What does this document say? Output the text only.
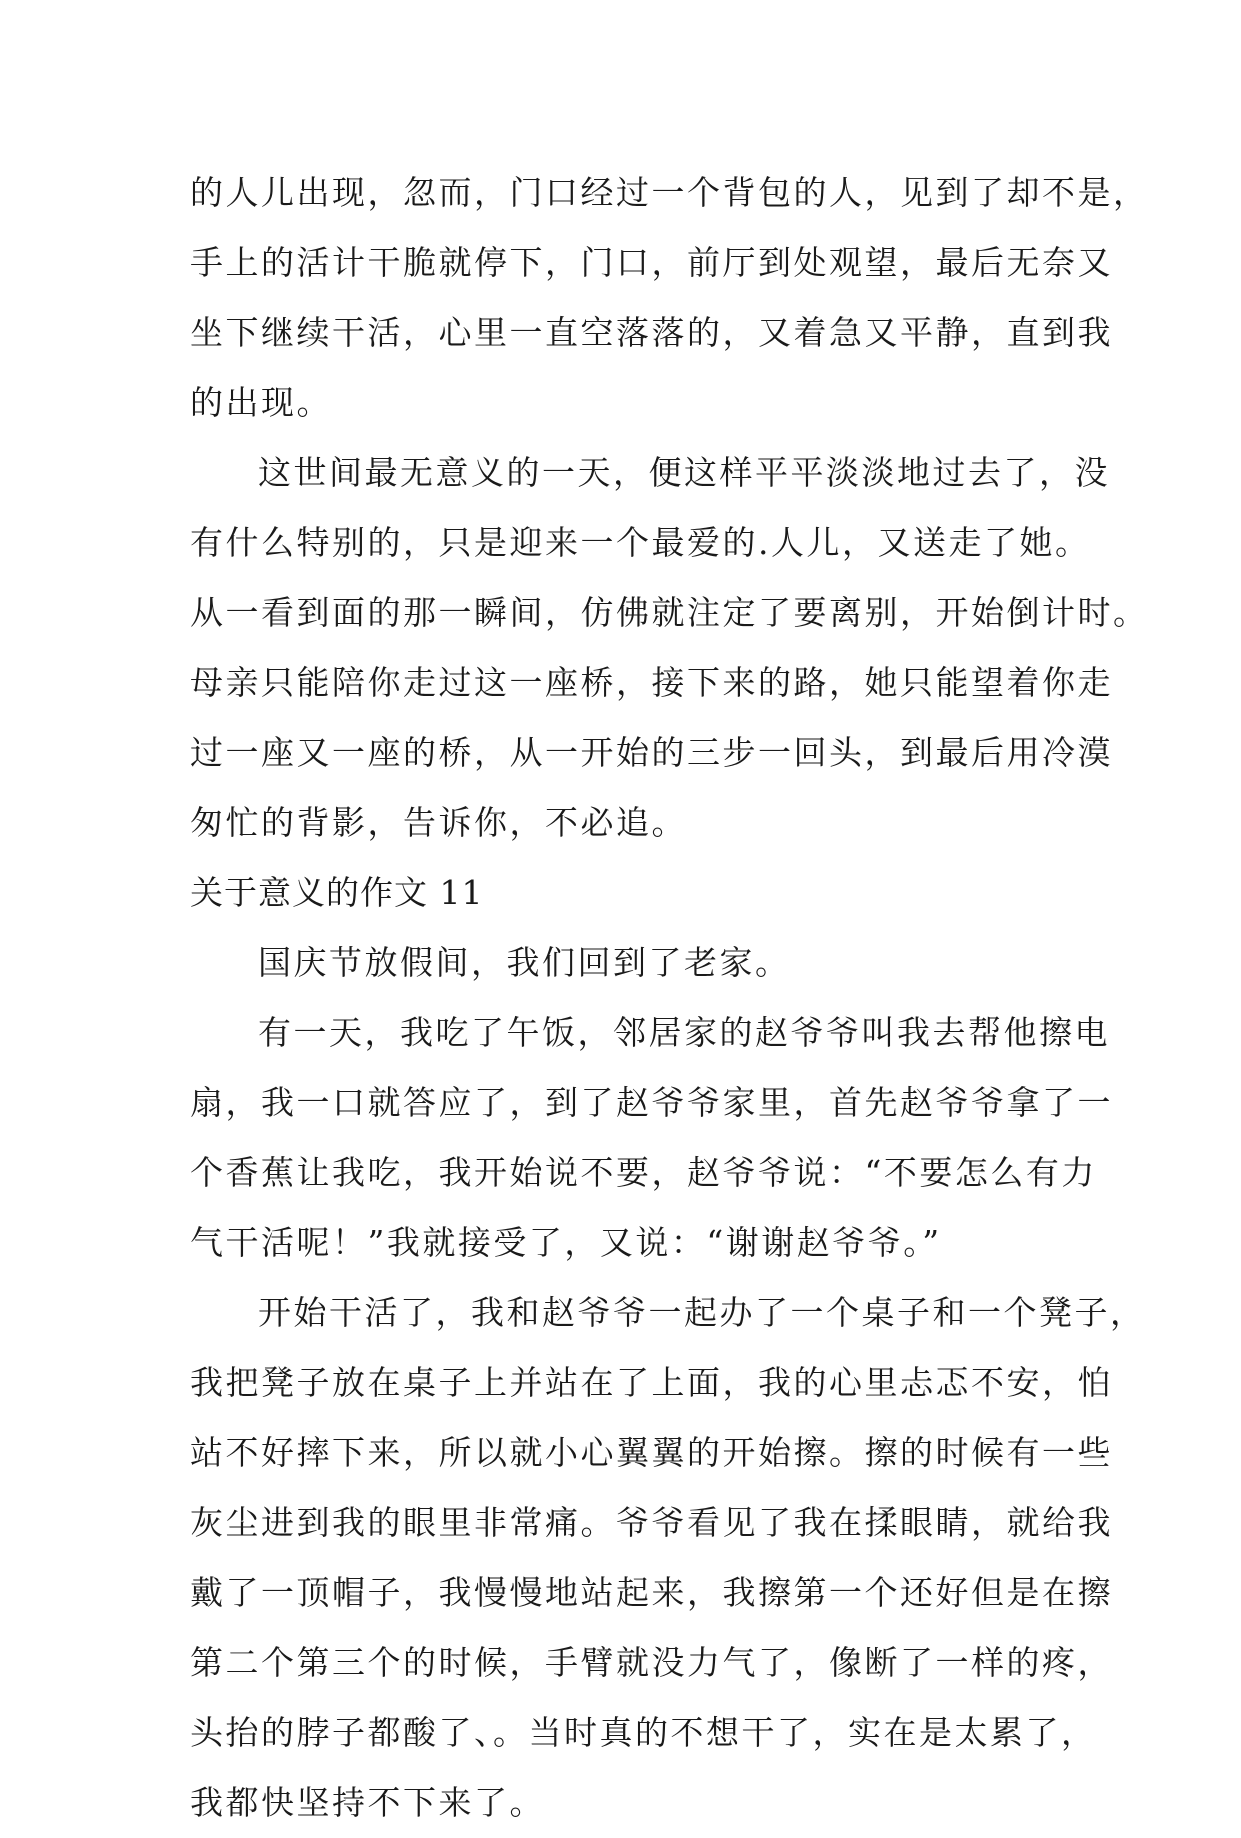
的人儿出现，忽而，门口经过一个背包的人，见到了却不是，
手上的活计干脆就停下，门口，前厅到处观望，最后无奈又
坐下继续干活，心里一直空落落的，又着急又平静，直到我
的出现。
这世间最无意义的一天，便这样平平淡淡地过去了，没
有什么特别的，只是迎来一个最爱的.人儿，又送走了她。
从一看到面的那一瞬间，仿佛就注定了要离别，开始倒计时。
母亲只能陪你走过这一座桥，接下来的路，她只能望着你走
过一座又一座的桥，从一开始的三步一回头，到最后用冷漠
匆忙的背影，告诉你，不必追。
关于意义的作文 11
国庆节放假间，我们回到了老家。
有一天，我吃了午饭，邻居家的赵爷爷叫我去帮他擦电
扇，我一口就答应了，到了赵爷爷家里，首先赵爷爷拿了一
个香蕉让我吃，我开始说不要，赵爷爷说：“不要怎么有力
气干活呢！”我就接受了，又说：“谢谢赵爷爷。”
开始干活了，我和赵爷爷一起办了一个桌子和一个凳子，
我把凳子放在桌子上并站在了上面，我的心里忐忑不安，怕
站不好摔下来，所以就小心翼翼的开始擦。擦的时候有一些
灰尘进到我的眼里非常痛。爷爷看见了我在揉眼睛，就给我
戴了一顶帽子，我慢慢地站起来，我擦第一个还好但是在擦
第二个第三个的时候，手臂就没力气了，像断了一样的疼，
头抬的脖子都酸了、。当时真的不想干了，实在是太累了，
我都快坚持不下来了。
